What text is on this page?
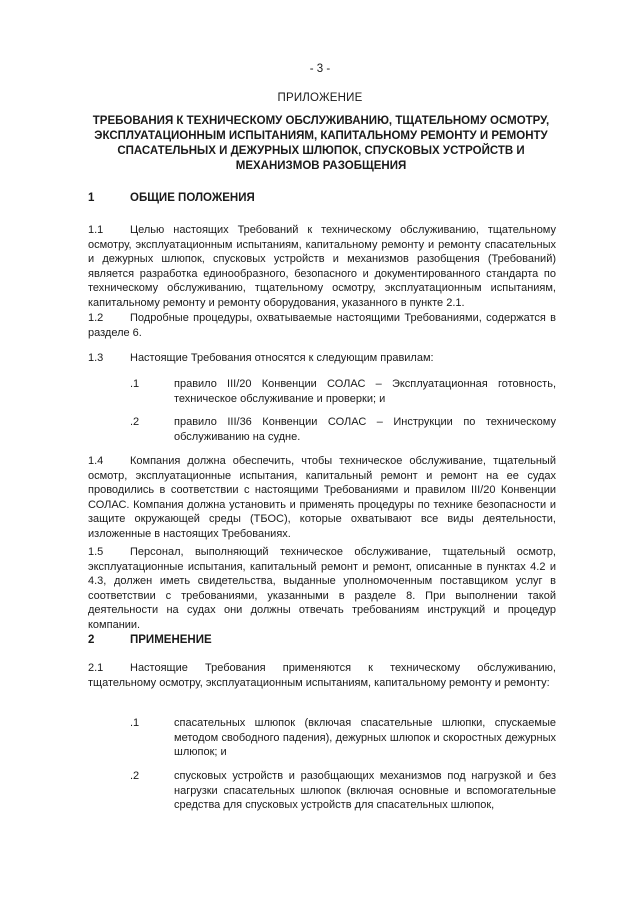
- 3 -
ПРИЛОЖЕНИЕ
ТРЕБОВАНИЯ К ТЕХНИЧЕСКОМУ ОБСЛУЖИВАНИЮ, ТЩАТЕЛЬНОМУ ОСМОТРУ, ЭКСПЛУАТАЦИОННЫМ ИСПЫТАНИЯМ, КАПИТАЛЬНОМУ РЕМОНТУ И РЕМОНТУ СПАСАТЕЛЬНЫХ И ДЕЖУРНЫХ ШЛЮПОК, СПУСКОВЫХ УСТРОЙСТВ И МЕХАНИЗМОВ РАЗОБЩЕНИЯ
1	ОБЩИЕ ПОЛОЖЕНИЯ
1.1 Целью настоящих Требований к техническому обслуживанию, тщательному осмотру, эксплуатационным испытаниям, капитальному ремонту и ремонту спасательных и дежурных шлюпок, спусковых устройств и механизмов разобщения (Требований) является разработка единообразного, безопасного и документированного стандарта по техническому обслуживанию, тщательному осмотру, эксплуатационным испытаниям, капитальному ремонту и ремонту оборудования, указанного в пункте 2.1.
1.2 Подробные процедуры, охватываемые настоящими Требованиями, содержатся в разделе 6.
1.3 Настоящие Требования относятся к следующим правилам:
.1	правило III/20 Конвенции СОЛАС – Эксплуатационная готовность, техническое обслуживание и проверки; и
.2	правило III/36 Конвенции СОЛАС – Инструкции по техническому обслуживанию на судне.
1.4 Компания должна обеспечить, чтобы техническое обслуживание, тщательный осмотр, эксплуатационные испытания, капитальный ремонт и ремонт на ее судах проводились в соответствии с настоящими Требованиями и правилом III/20 Конвенции СОЛАС. Компания должна установить и применять процедуры по технике безопасности и защите окружающей среды (ТБОС), которые охватывают все виды деятельности, изложенные в настоящих Требованиях.
1.5 Персонал, выполняющий техническое обслуживание, тщательный осмотр, эксплуатационные испытания, капитальный ремонт и ремонт, описанные в пунктах 4.2 и 4.3, должен иметь свидетельства, выданные уполномоченным поставщиком услуг в соответствии с требованиями, указанными в разделе 8. При выполнении такой деятельности на судах они должны отвечать требованиям инструкций и процедур компании.
2	ПРИМЕНЕНИЕ
2.1 Настоящие Требования применяются к техническому обслуживанию, тщательному осмотру, эксплуатационным испытаниям, капитальному ремонту и ремонту:
.1	спасательных шлюпок (включая спасательные шлюпки, спускаемые методом свободного падения), дежурных шлюпок и скоростных дежурных шлюпок; и
.2	спусковых устройств и разобщающих механизмов под нагрузкой и без нагрузки спасательных шлюпок (включая основные и вспомогательные средства для спусковых устройств для спасательных шлюпок,
